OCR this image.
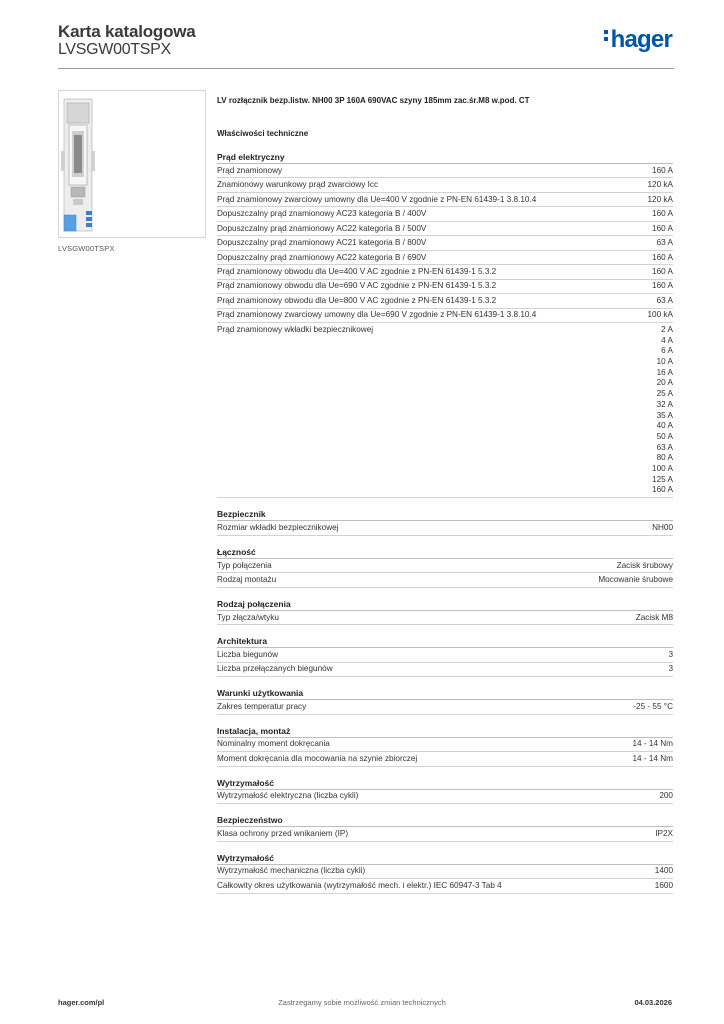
Karta katalogowa
LVSGW00TSPX	hager
LVSGW00TSPX
LV rozłącznik bezp.listw. NH00 3P 160A 690VAC szyny 185mm zac.śr.M8 w.pod. CT
Właściwości techniczne
Prąd elektryczny
Prąd znamionowy	160 A
Znamionowy warunkowy prąd zwarciowy Icc	120 kA
Prąd znamionowy zwarciowy umowny dla Ue=400 V zgodnie z PN-EN 61439-1 3.8.10.4	120 kA
Dopuszczalny prąd znamionowy AC23 kategoria B / 400V	160 A
Dopuszczalny prąd znamionowy AC22 kategoria B / 500V	160 A
Dopuszczalny prąd znamionowy AC21 kategoria B / 800V	63 A
Dopuszczalny prąd znamionowy AC22 kategoria B / 690V	160 A
Prąd znamionowy obwodu dla Ue=400 V AC zgodnie z PN-EN 61439-1 5.3.2	160 A
Prąd znamionowy obwodu dla Ue=690 V AC zgodnie z PN-EN 61439-1 5.3.2	160 A
Prąd znamionowy obwodu dla Ue=800 V AC zgodnie z PN-EN 61439-1 5.3.2	63 A
Prąd znamionowy zwarciowy umowny dla Ue=690 V zgodnie z PN-EN 61439-1 3.8.10.4	100 kA
Prąd znamionowy wkładki bezpiecznikowej	2 A
4 A
6 A
10 A
16 A
20 A
25 A
32 A
35 A
40 A
50 A
63 A
80 A
100 A
125 A
160 A
Bezpiecznik
Rozmiar wkładki bezpiecznikowej	NH00
Łączność
Typ połączenia	Zacisk śrubowy
Rodzaj montażu	Mocowanie śrubowe
Rodzaj połączenia
Typ złącza/wtyku	Zacisk M8
Architektura
Liczba biegunów	3
Liczba przełączanych biegunów	3
Warunki użytkowania
Zakres temperatur pracy	-25 - 55 °C
Instalacja, montaż
Nominalny moment dokręcania	14 - 14 Nm
Moment dokręcania dla mocowania na szynie zbiorczej	14 - 14 Nm
Wytrzymałość
Wytrzymałość elektryczna (liczba cykli)	200
Bezpieczeństwo
Klasa ochrony przed wnikaniem (IP)	IP2X
Wytrzymałość
Wytrzymałość mechaniczna (liczba cykli)	1400
Całkowity okres użytkowania (wytrzymałość mech. i elektr.) IEC 60947-3 Tab 4	1600
Zastrzegamy sobie możliwość zmian technicznych
hager.com/pl	04.03.2026
